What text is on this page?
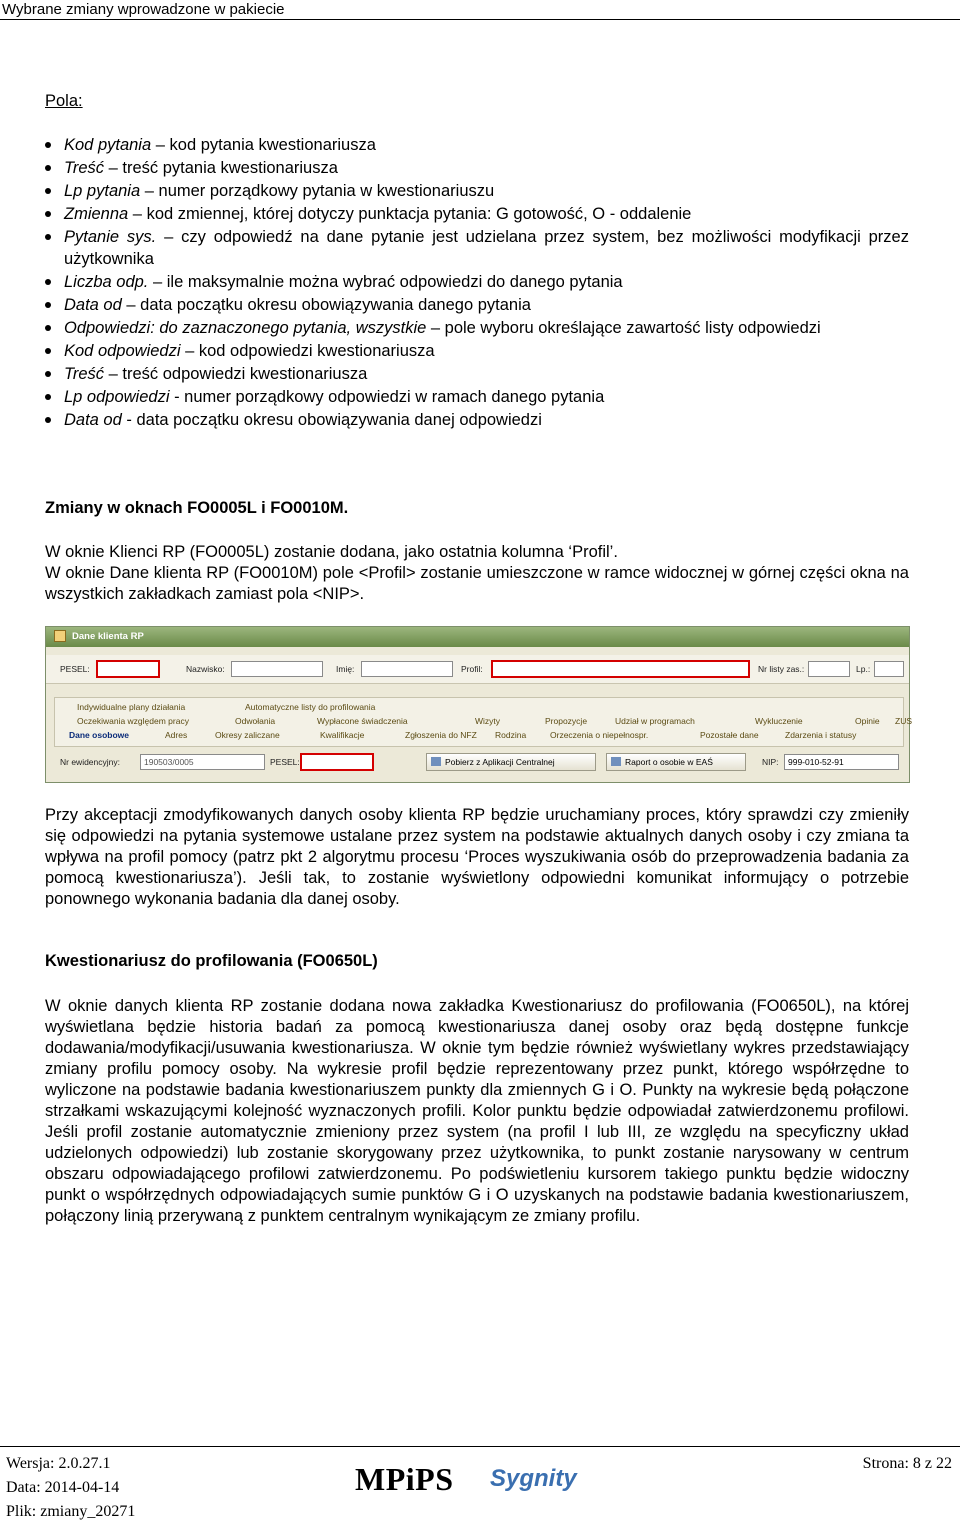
Wybrane zmiany wprowadzone w pakiecie
Pola:
Kod pytania – kod pytania kwestionariusza
Treść – treść pytania kwestionariusza
Lp pytania – numer porządkowy pytania w kwestionariuszu
Zmienna – kod zmiennej, której dotyczy punktacja pytania: G gotowość, O - oddalenie
Pytanie sys. – czy odpowiedź na dane pytanie jest udzielana przez system, bez możliwości modyfikacji przez użytkownika
Liczba odp. – ile maksymalnie można wybrać odpowiedzi do danego pytania
Data od – data początku okresu obowiązywania danego pytania
Odpowiedzi: do zaznaczonego pytania, wszystkie – pole wyboru określające zawartość listy odpowiedzi
Kod odpowiedzi – kod odpowiedzi kwestionariusza
Treść – treść odpowiedzi kwestionariusza
Lp odpowiedzi - numer porządkowy odpowiedzi w ramach danego pytania
Data od - data początku okresu obowiązywania danej odpowiedzi
Zmiany w oknach FO0005L i FO0010M.
W oknie Klienci RP (FO0005L) zostanie dodana, jako ostatnia kolumna ‘Profil’.
W oknie Dane klienta RP (FO0010M) pole <Profil> zostanie umieszczone w ramce widocznej w górnej części okna na wszystkich zakładkach zamiast pola <NIP>.
Dane klienta RP
PESEL:	Nazwisko:	Imię:	Profil:	Nr listy zas.:	Lp.:
Indywidualne plany działania	Automatyczne listy do profilowania
Oczekiwania względem pracy	Odwołania	Wypłacone świadczenia	Wizyty	Propozycje	Udział w programach	Wykluczenie	Opinie ZUS
Dane osobowe	Adres	Okresy zaliczane	Kwalifikacje	Zgłoszenia do NFZ Rodzina	Orzeczenia o niepełnospr.	Pozostałe dane	Zdarzenia i statusy
Nr ewidencyjny:	190503/0005	PESEL:	Pobierz z Aplikacji Centralnej	Raport o osobie w EAŚ	NIP:	999-010-52-91
Przy akceptacji zmodyfikowanych danych osoby klienta RP będzie uruchamiany proces, który sprawdzi czy zmieniły się odpowiedzi na pytania systemowe ustalane przez system na podstawie aktualnych danych osoby i czy zmiana ta wpływa na profil pomocy (patrz pkt 2 algorytmu procesu ‘Proces wyszukiwania osób do przeprowadzenia badania za pomocą kwestionariusza’). Jeśli tak, to zostanie wyświetlony odpowiedni komunikat informujący o potrzebie ponownego wykonania badania dla danej osoby.
Kwestionariusz do profilowania (FO0650L)
W oknie danych klienta RP zostanie dodana nowa zakładka Kwestionariusz do profilowania (FO0650L), na której wyświetlana będzie historia badań za pomocą kwestionariusza danej osoby oraz będą dostępne funkcje dodawania/modyfikacji/usuwania kwestionariusza. W oknie tym będzie również wyświetlany wykres przedstawiający zmiany profilu pomocy osoby. Na wykresie profil będzie reprezentowany przez punkt, którego współrzędne to wyliczone na podstawie badania kwestionariuszem punkty dla zmiennych G i O. Punkty na wykresie będą połączone strzałkami wskazującymi kolejność wyznaczonych profili. Kolor punktu będzie odpowiadał zatwierdzonemu profilowi. Jeśli profil zostanie automatycznie zmieniony przez system (na profil I lub III, ze względu na specyficzny układ udzielonych odpowiedzi) lub zostanie skorygowany przez użytkownika, to punkt zostanie narysowany w centrum obszaru odpowiadającego profilowi zatwierdzonemu. Po podświetleniu kursorem takiego punktu będzie widoczny punkt o współrzędnych odpowiadających sumie punktów G i O uzyskanych na podstawie badania kwestionariuszem, połączony linią przerywaną z punktem centralnym wynikającym ze zmiany profilu.
Wersja: 2.0.27.1
Data: 2014-04-14
Plik: zmiany_20271
MPiPS Sygnity
Strona: 8 z 22
